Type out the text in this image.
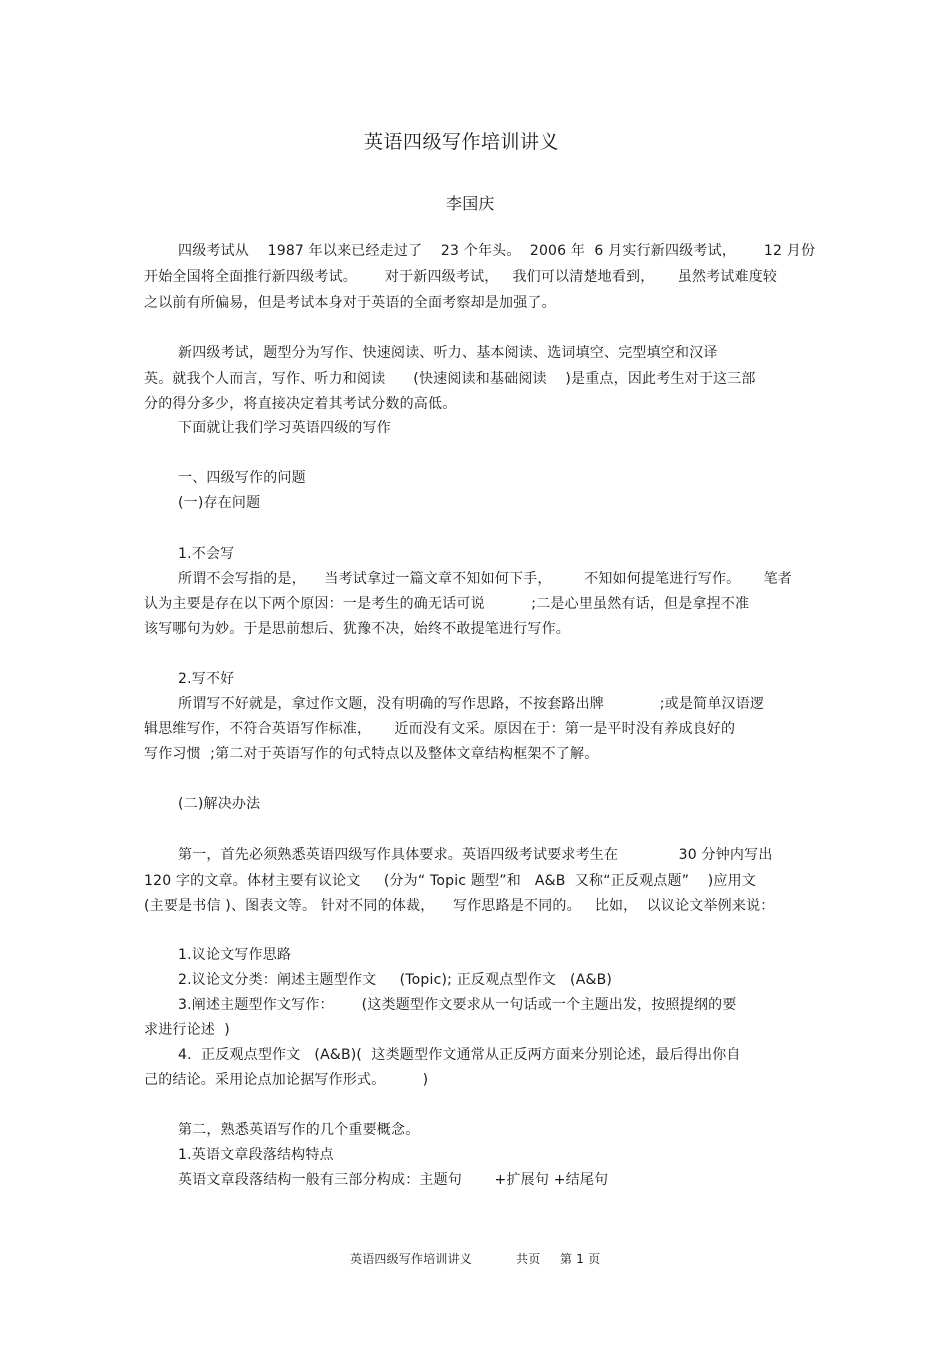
英语四级写作培训讲义
李国庆
四级考试从    1987 年以来已经走过了    23 个年头。  2006 年  6 月实行新四级考试，      12 月份
开始全国将全面推行新四级考试。      对于新四级考试，   我们可以清楚地看到，     虽然考试难度较
之以前有所偏易，但是考试本身对于英语的全面考察却是加强了。
新四级考试，题型分为写作、快速阅读、听力、基本阅读、选词填空、完型填空和汉译
英。就我个人而言，写作、听力和阅读      (快速阅读和基础阅读    )是重点，因此考生对于这三部
分的得分多少，将直接决定着其考试分数的高低。
下面就让我们学习英语四级的写作
一、四级写作的问题
(一)存在问题
1.不会写
所谓不会写指的是，    当考试拿过一篇文章不知如何下手，       不知如何提笔进行写作。     笔者
认为主要是存在以下两个原因：一是考生的确无话可说          ;二是心里虽然有话，但是拿捏不准
该写哪句为妙。于是思前想后、犹豫不决，始终不敢提笔进行写作。
2.写不好
所谓写不好就是，拿过作文题，没有明确的写作思路，不按套路出牌            ;或是简单汉语逻
辑思维写作，不符合英语写作标准，     近而没有文采。原因在于：第一是平时没有养成良好的
写作习惯  ;第二对于英语写作的句式特点以及整体文章结构框架不了解。
(二)解决办法
第一，首先必须熟悉英语四级写作具体要求。英语四级考试要求考生在             30 分钟内写出
120 字的文章。体材主要有议论文     (分为“ Topic 题型”和   A&B  又称“正反观点题”    )应用文
(主要是书信 )、图表文等。 针对不同的体裁，    写作思路是不同的。   比如，  以议论文举例来说：
1.议论文写作思路
2.议论文分类：阐述主题型作文     (Topic); 正反观点型作文   (A&B)
3.阐述主题型作文写作：      (这类题型作文要求从一句话或一个主题出发，按照提纲的要
求进行论述  )
4.  正反观点型作文   (A&B)(  这类题型作文通常从正反两方面来分别论述，最后得出你自
己的结论。采用论点加论据写作形式。        )
第二，熟悉英语写作的几个重要概念。
1.英语文章段落结构特点
英语文章段落结构一般有三部分构成：主题句       +扩展句 +结尾句
英语四级写作培训讲义	共页 第 1 页
